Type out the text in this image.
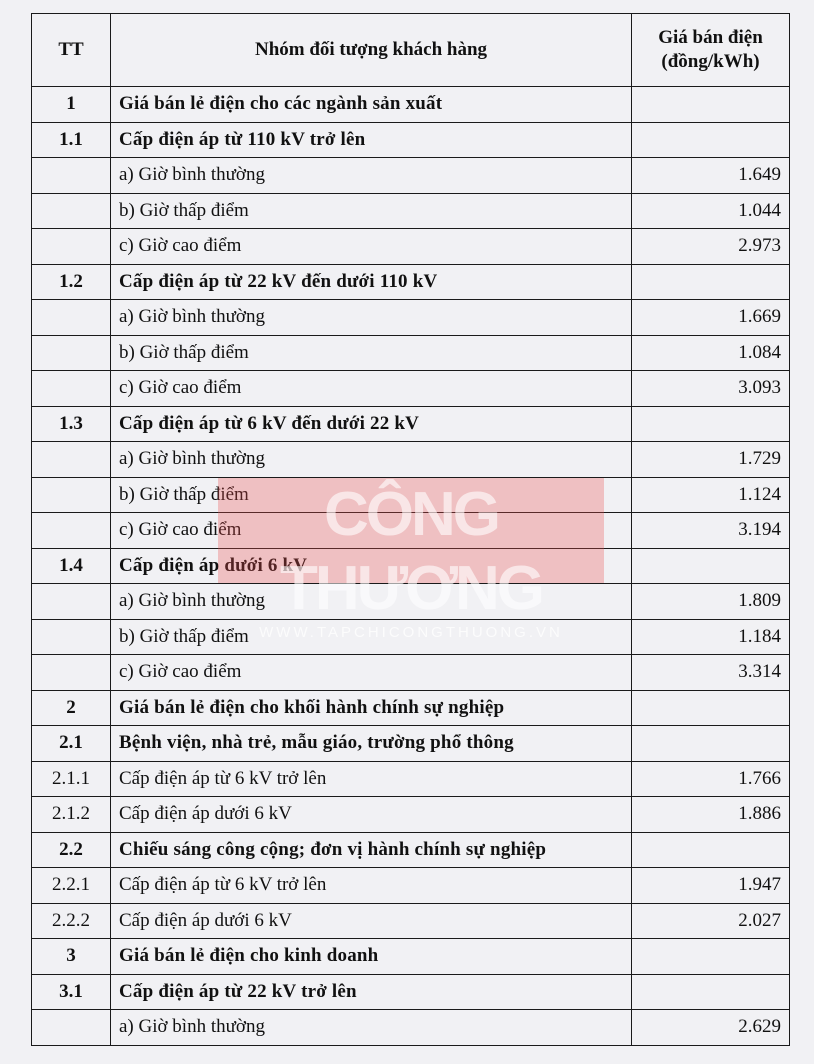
TT	Nhóm đối tượng khách hàng	Giá bán điện
(đồng/kWh)
1	Giá bán lẻ điện cho các ngành sản xuất	
1.1	Cấp điện áp từ 110 kV trở lên	
	a) Giờ bình thường	1.649
	b) Giờ thấp điểm	1.044
	c) Giờ cao điểm	2.973
1.2	Cấp điện áp từ 22 kV đến dưới 110 kV	
	a) Giờ bình thường	1.669
	b) Giờ thấp điểm	1.084
	c) Giờ cao điểm	3.093
1.3	Cấp điện áp từ 6 kV đến dưới 22 kV	
	a) Giờ bình thường	1.729
	b) Giờ thấp điểm	1.124
	c) Giờ cao điểm	3.194
1.4	Cấp điện áp dưới 6 kV	
	a) Giờ bình thường	1.809
	b) Giờ thấp điểm	1.184
	c) Giờ cao điểm	3.314
2	Giá bán lẻ điện cho khối hành chính sự nghiệp	
2.1	Bệnh viện, nhà trẻ, mẫu giáo, trường phổ thông	
2.1.1	Cấp điện áp từ 6 kV trở lên	1.766
2.1.2	Cấp điện áp dưới 6 kV	1.886
2.2	Chiếu sáng công cộng; đơn vị hành chính sự nghiệp	
2.2.1	Cấp điện áp từ 6 kV trở lên	1.947
2.2.2	Cấp điện áp dưới 6 kV	2.027
3	Giá bán lẻ điện cho kinh doanh	
3.1	Cấp điện áp từ 22 kV trở lên	
	a) Giờ bình thường	2.629
CÔNG THƯƠNG
WWW.TAPCHICONGTHUONG.VN
